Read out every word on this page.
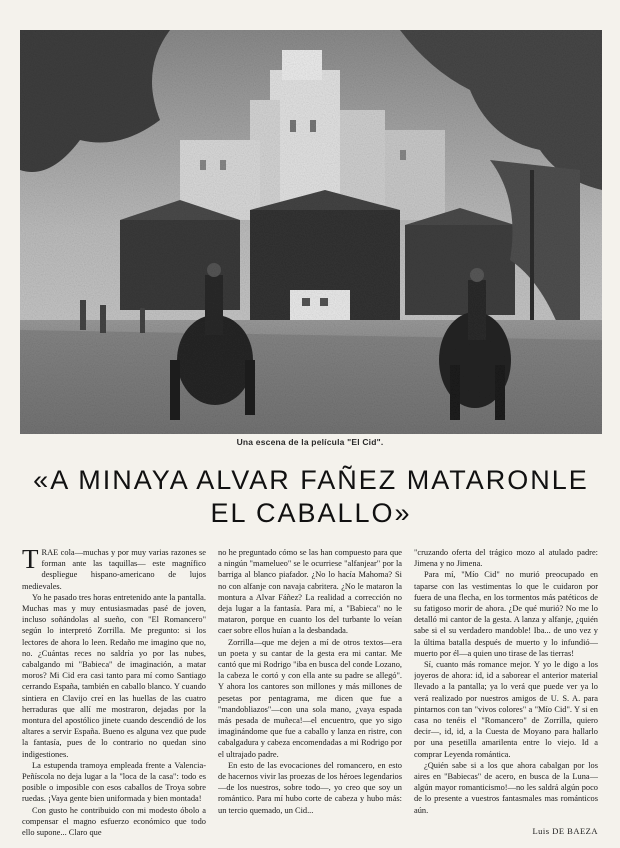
Una escena de la película "El Cid".
«A MINAYA ALVAR FAÑEZ MATARONLE
EL CABALLO»

TRAE cola—muchas y por muy varias razones se forman ante las taquillas— este magnífico despliegue hispano-americano de lujos medievales.

Yo he pasado tres horas entretenido ante la pantalla. Muchas mas y muy entusiasmadas pasé de joven, incluso soñándolas al sueño, con "El Romancero" según lo interpretó Zorrilla. Me pregunto: si los lectores de ahora lo leen. Redaño me imagino que no, no. ¿Cuántas reces no saldría yo por las nubes, cabalgando mi "Babieca" de imaginación, a matar moros? Mi Cid era casi tanto para mí como Santiago cerrando España, también en caballo blanco. Y cuando sintiera en Clavijo creí en las huellas de las cuatro herraduras que allí me mostraron, dejadas por la montura del apostólico jinete cuando descendió de los altares a servir España. Bueno es alguna vez que pude la fantasía, pues de lo contrario no quedan sino indigestiones.

La estupenda tramoya empleada frente a Valencia-Peñíscola no deja lugar a la "loca de la casa": todo es posible o imposible con esos caballos de Troya sobre ruedas. ¡Vaya gente bien uniformada y bien montada!

Con gusto he contribuido con mi modesto óbolo a compensar el magno esfuerzo económico que todo ello supone... Claro que

no he preguntado cómo se las han compuesto para que a ningún "mamelueo" se le ocurriese "alfanjear" por la barriga al blanco piafador. ¿No lo hacía Mahoma? Si no con alfanje con navaja cabritera. ¿No le mataron la montura a Alvar Fáñez? La realidad a corrección no deja lugar a la fantasía. Para mí, a "Babieca" no le mataron, porque en cuanto los del turbante lo veían caer sobre ellos huían a la desbandada.

Zorrilla—que me dejen a mí de otros textos—era un poeta y su cantar de la gesta era mi cantar. Me cantó que mi Rodrigo "iba en busca del conde Lozano, la cabeza le cortó y con ella ante su padre se allegó". Y ahora los cantores son millones y más millones de pesetas por pentagrama, me dicen que fue a "mandobliazos"—con una sola mano, ¿vaya espada más pesada de muñeca!—el encuentro, que yo sigo imaginándome que fue a caballo y lanza en ristre, con cabalgadura y cabeza encomendadas a mi Rodrigo por el ultrajado padre.

En esto de las evocaciones del romancero, en esto de hacernos vivir las proezas de los héroes legendarios—de los nuestros, sobre todo—, yo creo que soy un romántico. Para mí hubo corte de cabeza y hubo más: un tercio quemado, un Cid...

"cruzando oferta del trágico mozo al atulado padre: Jimena y no Jimena.

Para mí, "Mío Cid" no murió preocupado en taparse con las vestimentas lo que le cuidaron por fuera de una flecha, en los tormentos más patéticos de su fatigoso morir de ahora. ¿De qué murió? No me lo detalló mi cantor de la gesta. A lanza y alfanje, ¿quién sabe si el su verdadero mandoble! Iba... de uno vez y la última batalla después de muerto y lo infundió—muerto por él—a quien uno tirase de las tierras!

Sí, cuanto más romance mejor. Y yo le digo a los joyeros de ahora: id, id a saborear el anterior material llevado a la pantalla; ya lo verá que puede ver ya lo verá realizado por nuestros amigos de U. S. A. para pintarnos con tan "vivos colores" a "Mío Cid". Y si en casa no tenéis el "Romancero" de Zorrilla, quiero decir—, id, id, a la Cuesta de Moyano para hallarlo por una pesetilla amarilenta entre lo viejo. Id a comprar Leyenda romántica.

¿Quién sabe si a los que ahora cabalgan por los aires en "Babiecas" de acero, en busca de la Luna—algún mayor romanticismo!—no les saldrá algún poco de lo presente a vuestros fantasmales mas románticos aún.

Luis DE BAEZA
